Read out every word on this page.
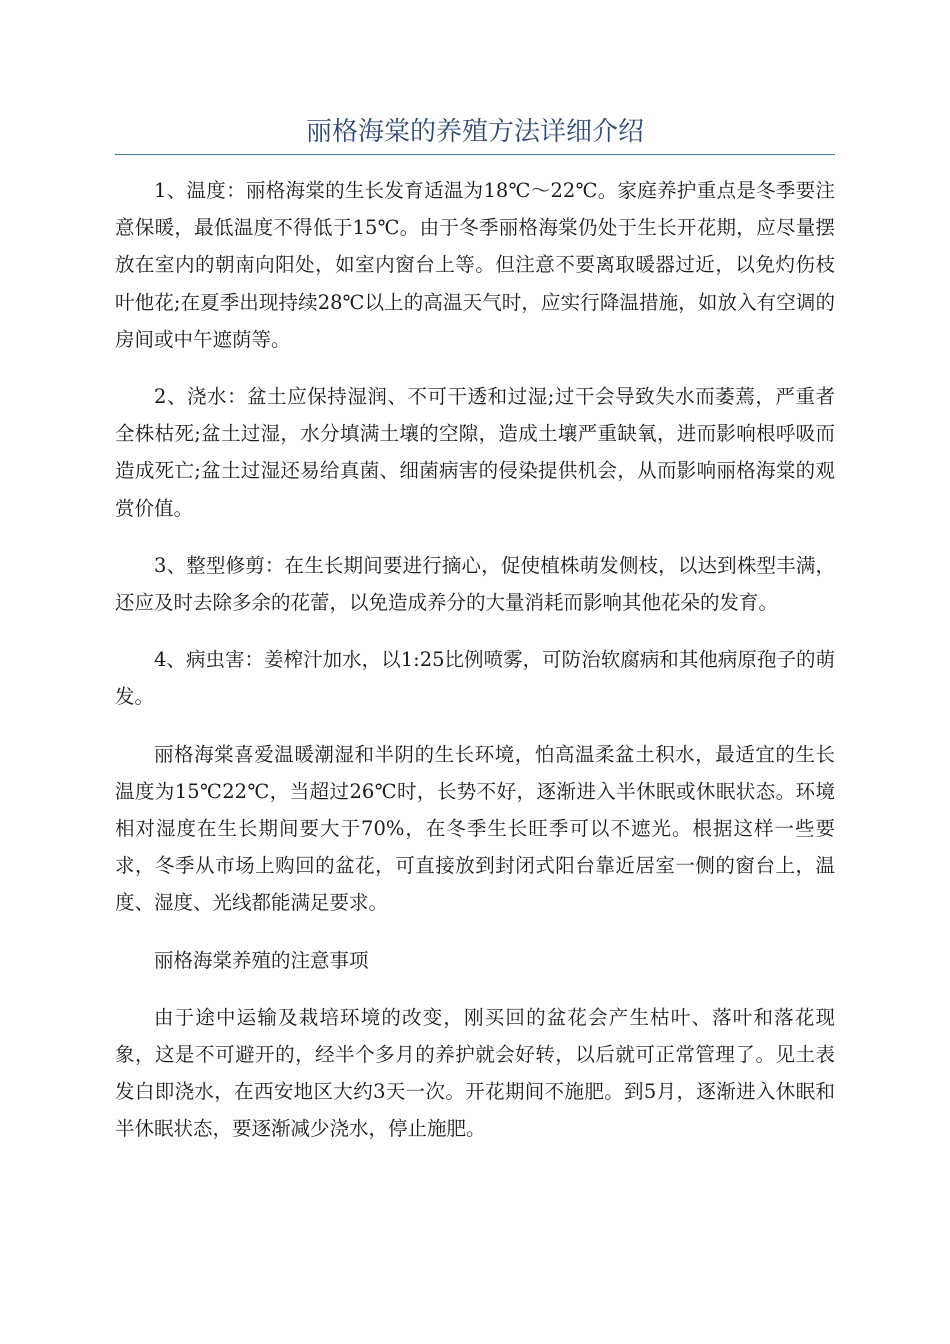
丽格海棠的养殖方法详细介绍

1、温度：丽格海棠的生长发育适温为18℃～22℃。家庭养护重点是冬季要注意保暖，最低温度不得低于15℃。由于冬季丽格海棠仍处于生长开花期，应尽量摆放在室内的朝南向阳处，如室内窗台上等。但注意不要离取暖器过近，以免灼伤枝叶他花;在夏季出现持续28℃以上的高温天气时，应实行降温措施，如放入有空调的房间或中午遮荫等。

2、浇水：盆土应保持湿润、不可干透和过湿;过干会导致失水而萎蔫，严重者全株枯死;盆土过湿，水分填满土壤的空隙，造成土壤严重缺氧，进而影响根呼吸而造成死亡;盆土过湿还易给真菌、细菌病害的侵染提供机会，从而影响丽格海棠的观赏价值。

3、整型修剪：在生长期间要进行摘心，促使植株萌发侧枝，以达到株型丰满，还应及时去除多余的花蕾，以免造成养分的大量消耗而影响其他花朵的发育。

4、病虫害：姜榨汁加水，以1:25比例喷雾，可防治软腐病和其他病原孢子的萌发。

丽格海棠喜爱温暖潮湿和半阴的生长环境，怕高温柔盆土积水，最适宜的生长温度为15℃22℃，当超过26℃时，长势不好，逐渐进入半休眠或休眠状态。环境相对湿度在生长期间要大于70%，在冬季生长旺季可以不遮光。根据这样一些要求，冬季从市场上购回的盆花，可直接放到封闭式阳台靠近居室一侧的窗台上，温度、湿度、光线都能满足要求。

丽格海棠养殖的注意事项

由于途中运输及栽培环境的改变，刚买回的盆花会产生枯叶、落叶和落花现象，这是不可避开的，经半个多月的养护就会好转，以后就可正常管理了。见土表发白即浇水，在西安地区大约3天一次。开花期间不施肥。到5月，逐渐进入休眠和半休眠状态，要逐渐减少浇水，停止施肥。
